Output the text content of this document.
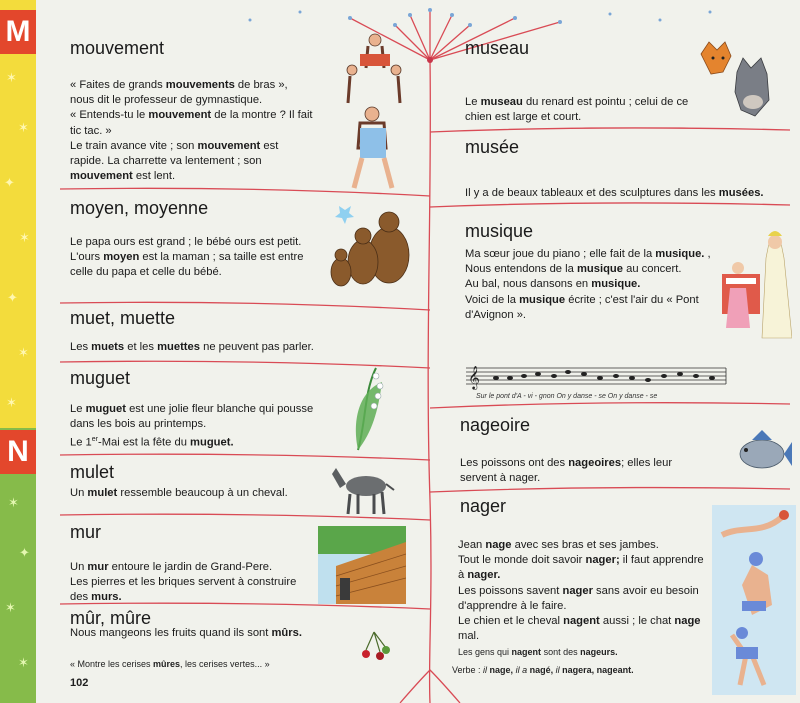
M
N
✶
✶
✦
✶
✦
✶
✶
✶
✦
✶
✶
mouvement
« Faites de grands mouvements de bras », nous dit le professeur de gymnastique.
« Entends-tu le mouvement de la montre ? Il fait tic tac. »
Le train avance vite ; son mouvement est rapide. La charrette va lentement ; son mouvement est lent.
moyen, moyenne
Le papa ours est grand ; le bébé ours est petit. L'ours moyen est la maman ; sa taille est entre celle du papa et celle du bébé.
muet, muette
Les muets et les muettes ne peuvent pas parler.
muguet
Le muguet est une jolie fleur blanche qui pousse dans les bois au printemps.
Le 1er-Mai est la fête du muguet.
mulet
Un mulet ressemble beaucoup à un cheval.
mur
Un mur entoure le jardin de Grand-Pere.
Les pierres et les briques servent à construire des murs.
mûr, mûre
Nous mangeons les fruits quand ils sont mûrs.
« Montre les cerises mûres, les cerises vertes... »
102
museau
Le museau du renard est pointu ; celui de ce chien est large et court.
musée
Il y a de beaux tableaux et des sculptures dans les musées.
musique
Ma sœur joue du piano ; elle fait de la musique. ,
Nous entendons de la musique au concert.
Au bal, nous dansons en musique.
Voici de la musique écrite ; c'est l'air du « Pont d'Avignon ».
nageoire
Les poissons ont des nageoires; elles leur servent à nager.
nager
Jean nage avec ses bras et ses jambes.
Tout le monde doit savoir nager; il faut apprendre à nager.
Les poissons savent nager sans avoir eu besoin d'apprendre à le faire.
Le chien et le cheval nagent aussi ; le chat nage mal.
Les gens qui nagent sont des nageurs.
Verbe : il nage, il a nagé, il nagera, nageant.
𝄞
Sur le pont d'A - vi - gnon On y danse - se On y danse - se
